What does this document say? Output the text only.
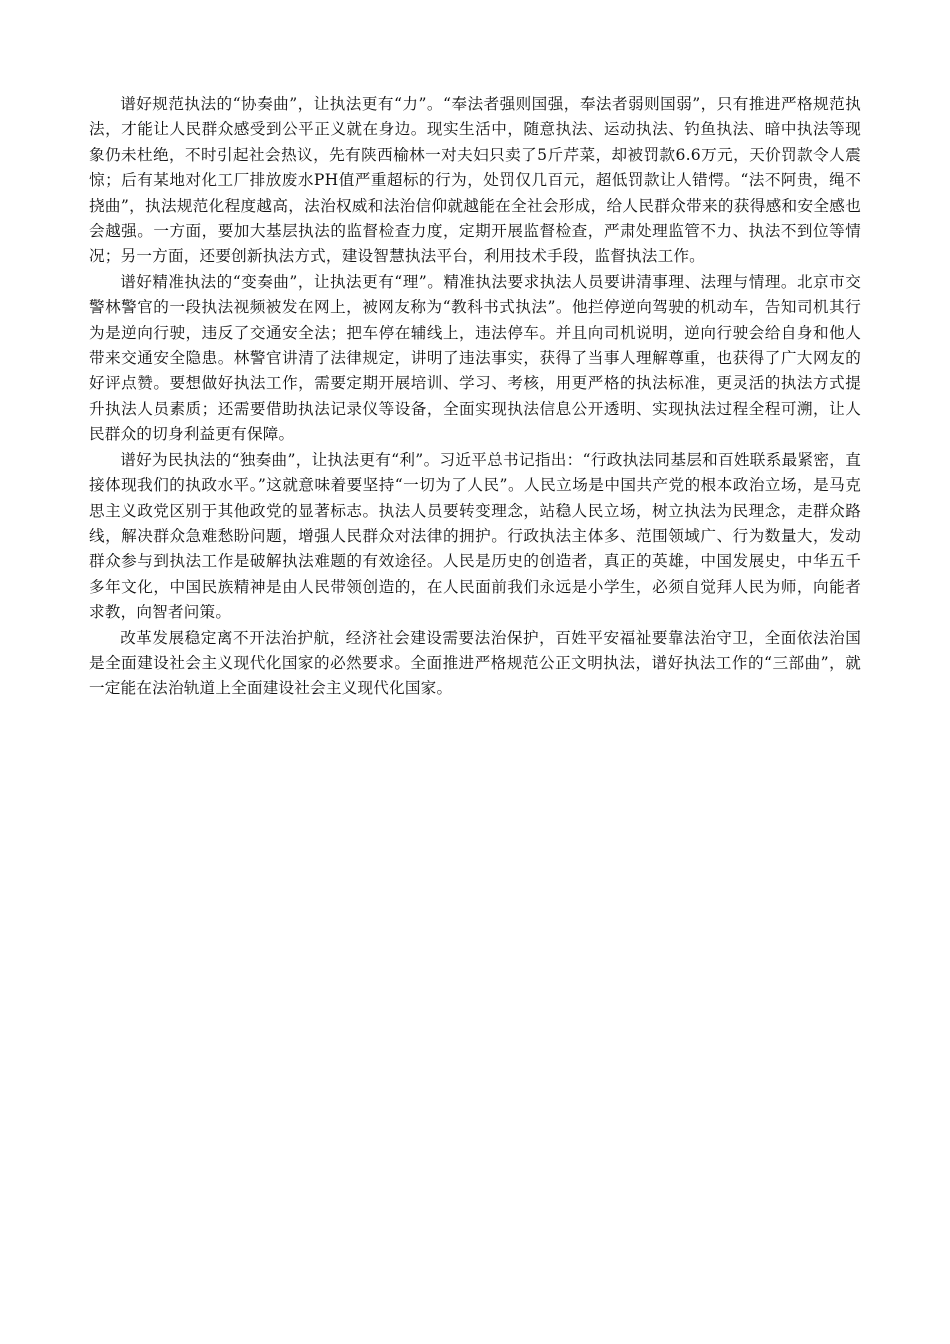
谱好规范执法的“协奏曲”，让执法更有“力”。“奉法者强则国强，奉法者弱则国弱”，只有推进严格规范执法，才能让人民群众感受到公平正义就在身边。现实生活中，随意执法、运动执法、钓鱼执法、暗中执法等现象仍未杜绝，不时引起社会热议，先有陕西榆林一对夫妇只卖了5斤芹菜，却被罚款6.6万元，天价罚款令人震惊；后有某地对化工厂排放废水PH值严重超标的行为，处罚仅几百元，超低罚款让人错愕。“法不阿贵，绳不挠曲”，执法规范化程度越高，法治权威和法治信仰就越能在全社会形成，给人民群众带来的获得感和安全感也会越强。一方面，要加大基层执法的监督检查力度，定期开展监督检查，严肃处理监管不力、执法不到位等情况；另一方面，还要创新执法方式，建设智慧执法平台，利用技术手段，监督执法工作。

谱好精准执法的“变奏曲”，让执法更有“理”。精准执法要求执法人员要讲清事理、法理与情理。北京市交警林警官的一段执法视频被发在网上，被网友称为“教科书式执法”。他拦停逆向驾驶的机动车，告知司机其行为是逆向行驶，违反了交通安全法；把车停在辅线上，违法停车。并且向司机说明，逆向行驶会给自身和他人带来交通安全隐患。林警官讲清了法律规定，讲明了违法事实，获得了当事人理解尊重，也获得了广大网友的好评点赞。要想做好执法工作，需要定期开展培训、学习、考核，用更严格的执法标准，更灵活的执法方式提升执法人员素质；还需要借助执法记录仪等设备，全面实现执法信息公开透明、实现执法过程全程可溯，让人民群众的切身利益更有保障。

谱好为民执法的“独奏曲”，让执法更有“利”。习近平总书记指出：“行政执法同基层和百姓联系最紧密，直接体现我们的执政水平。”这就意味着要坚持“一切为了人民”。人民立场是中国共产党的根本政治立场，是马克思主义政党区别于其他政党的显著标志。执法人员要转变理念，站稳人民立场，树立执法为民理念，走群众路线，解决群众急难愁盼问题，增强人民群众对法律的拥护。行政执法主体多、范围领域广、行为数量大，发动群众参与到执法工作是破解执法难题的有效途径。人民是历史的创造者，真正的英雄，中国发展史，中华五千多年文化，中国民族精神是由人民带领创造的，在人民面前我们永远是小学生，必须自觉拜人民为师，向能者求教，向智者问策。

改革发展稳定离不开法治护航，经济社会建设需要法治保护，百姓平安福祉要靠法治守卫，全面依法治国是全面建设社会主义现代化国家的必然要求。全面推进严格规范公正文明执法，谱好执法工作的“三部曲”，就一定能在法治轨道上全面建设社会主义现代化国家。
